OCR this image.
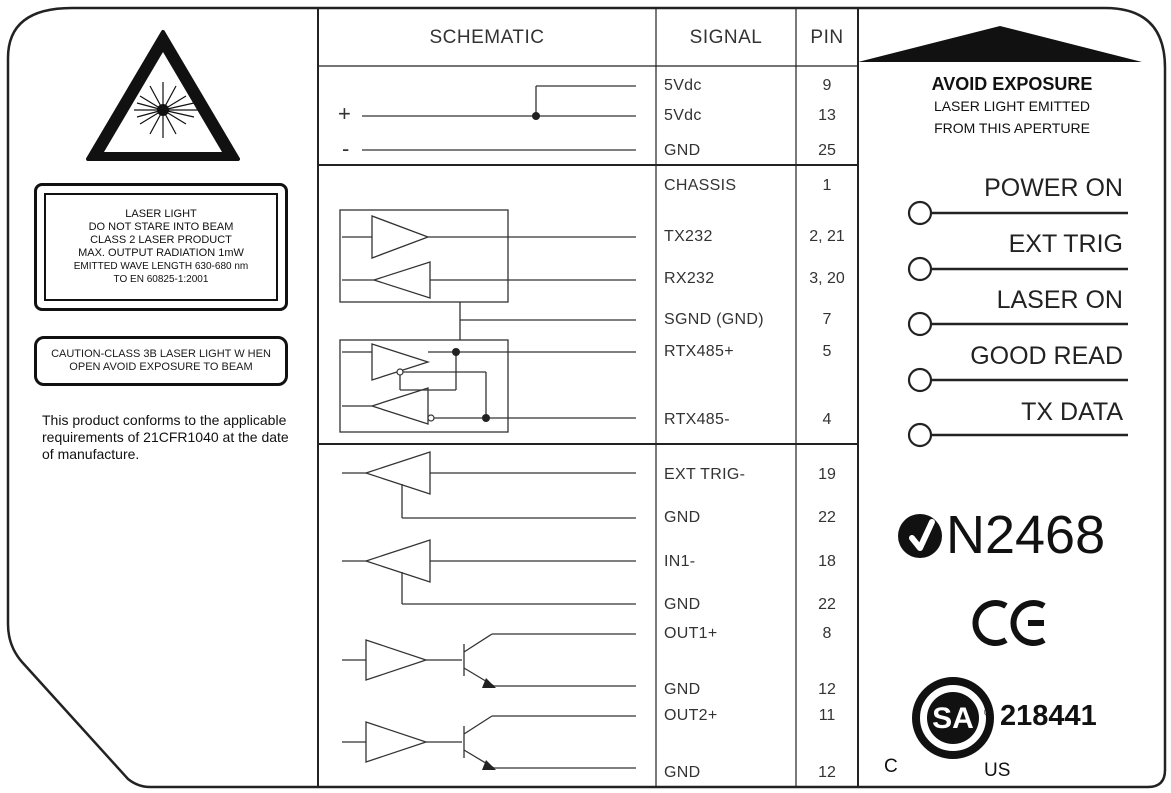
SA
SCHEMATIC	SIGNAL	PIN
+
-
5Vdc	9
5Vdc	13
GND	25
CHASSIS	1
TX232	2, 21
RX232	3, 20
SGND (GND)	7
RTX485+	5
RTX485-	4
EXT TRIG-	19
GND	22
IN1-	18
GND	22
OUT1+	8
GND	12
OUT2+	11
GND	12
LASER LIGHT
DO NOT STARE INTO BEAM
CLASS 2 LASER PRODUCT
MAX. OUTPUT RADIATION 1mW
EMITTED WAVE LENGTH 630-680 nm
TO EN 60825-1:2001
CAUTION-CLASS 3B LASER LIGHT W HEN
OPEN AVOID EXPOSURE TO BEAM
This product conforms to the applicable requirements of 21CFR1040 at the date of manufacture.
AVOID EXPOSURE
LASER LIGHT EMITTED
FROM THIS APERTURE
POWER ON
EXT TRIG
LASER ON
GOOD READ
TX DATA
N2468
218441
®
C	US
